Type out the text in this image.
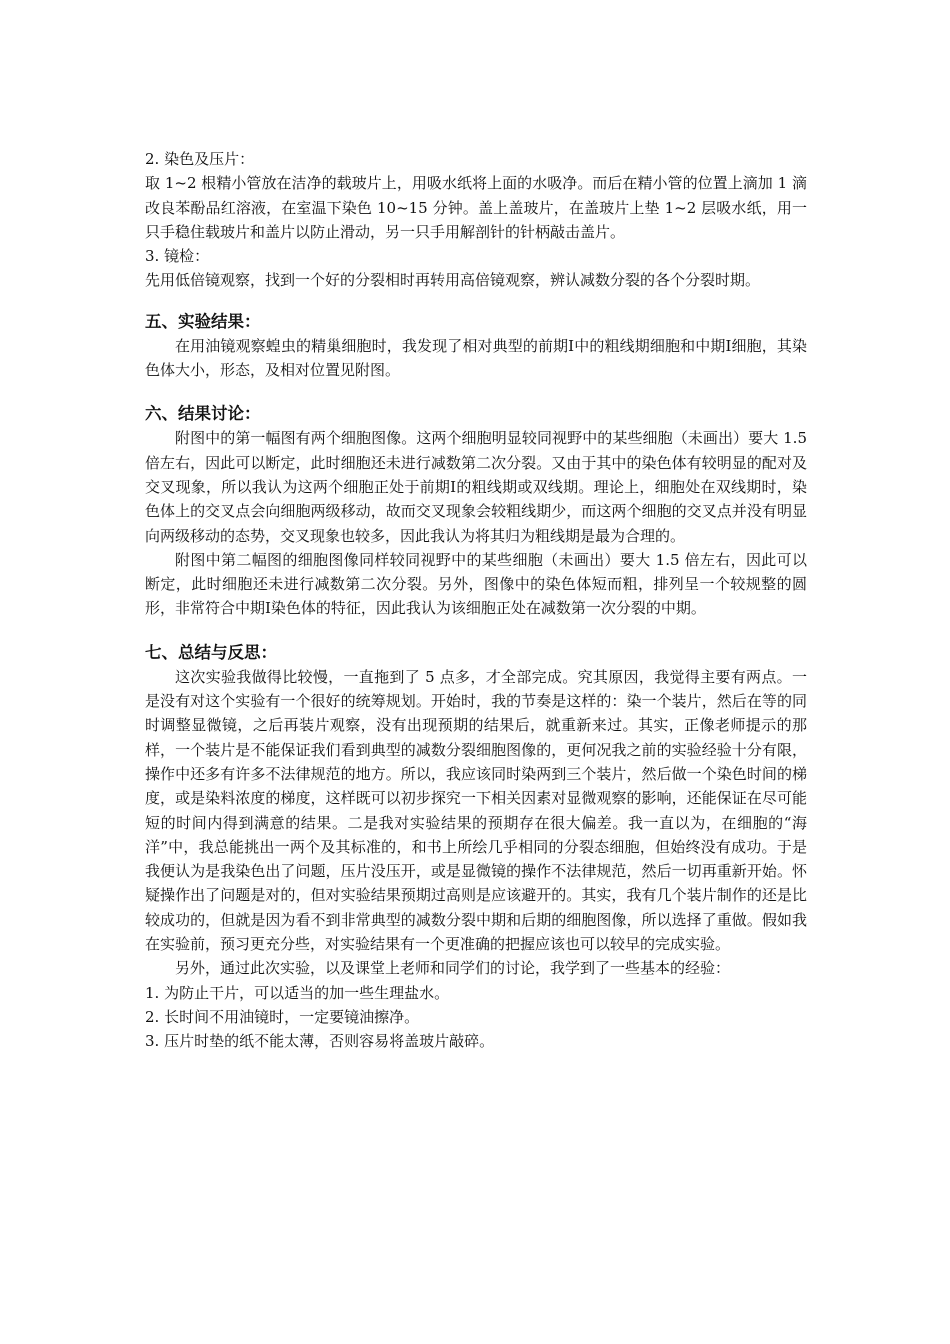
2. 染色及压片：

取 1~2 根精小管放在洁净的载玻片上，用吸水纸将上面的水吸净。而后在精小管的位置上滴加 1 滴改良苯酚品红溶液，在室温下染色 10~15 分钟。盖上盖玻片，在盖玻片上垫 1~2 层吸水纸，用一只手稳住载玻片和盖片以防止滑动，另一只手用解剖针的针柄敲击盖片。

3. 镜检：

先用低倍镜观察，找到一个好的分裂相时再转用高倍镜观察，辨认减数分裂的各个分裂时期。

五、实验结果：

在用油镜观察蝗虫的精巢细胞时，我发现了相对典型的前期Ⅰ中的粗线期细胞和中期Ⅰ细胞，其染色体大小，形态，及相对位置见附图。

六、结果讨论：

附图中的第一幅图有两个细胞图像。这两个细胞明显较同视野中的某些细胞（未画出）要大 1.5 倍左右，因此可以断定，此时细胞还未进行减数第二次分裂。又由于其中的染色体有较明显的配对及交叉现象，所以我认为这两个细胞正处于前期Ⅰ的粗线期或双线期。理论上，细胞处在双线期时，染色体上的交叉点会向细胞两级移动，故而交叉现象会较粗线期少，而这两个细胞的交叉点并没有明显向两级移动的态势，交叉现象也较多，因此我认为将其归为粗线期是最为合理的。

附图中第二幅图的细胞图像同样较同视野中的某些细胞（未画出）要大 1.5 倍左右，因此可以断定，此时细胞还未进行减数第二次分裂。另外，图像中的染色体短而粗，排列呈一个较规整的圆形，非常符合中期Ⅰ染色体的特征，因此我认为该细胞正处在减数第一次分裂的中期。

七、总结与反思：

这次实验我做得比较慢，一直拖到了 5 点多，才全部完成。究其原因，我觉得主要有两点。一是没有对这个实验有一个很好的统筹规划。开始时，我的节奏是这样的：染一个装片，然后在等的同时调整显微镜，之后再装片观察，没有出现预期的结果后，就重新来过。其实，正像老师提示的那样，一个装片是不能保证我们看到典型的减数分裂细胞图像的，更何况我之前的实验经验十分有限，操作中还多有许多不法律规范的地方。所以，我应该同时染两到三个装片，然后做一个染色时间的梯度，或是染料浓度的梯度，这样既可以初步探究一下相关因素对显微观察的影响，还能保证在尽可能短的时间内得到满意的结果。二是我对实验结果的预期存在很大偏差。我一直以为，在细胞的“海洋”中，我总能挑出一两个及其标准的，和书上所绘几乎相同的分裂态细胞，但始终没有成功。于是我便认为是我染色出了问题，压片没压开，或是显微镜的操作不法律规范，然后一切再重新开始。怀疑操作出了问题是对的，但对实验结果预期过高则是应该避开的。其实，我有几个装片制作的还是比较成功的，但就是因为看不到非常典型的减数分裂中期和后期的细胞图像，所以选择了重做。假如我在实验前，预习更充分些，对实验结果有一个更准确的把握应该也可以较早的完成实验。

另外，通过此次实验，以及课堂上老师和同学们的讨论，我学到了一些基本的经验：

1. 为防止干片，可以适当的加一些生理盐水。

2. 长时间不用油镜时，一定要镜油擦净。

3. 压片时垫的纸不能太薄，否则容易将盖玻片敲碎。
